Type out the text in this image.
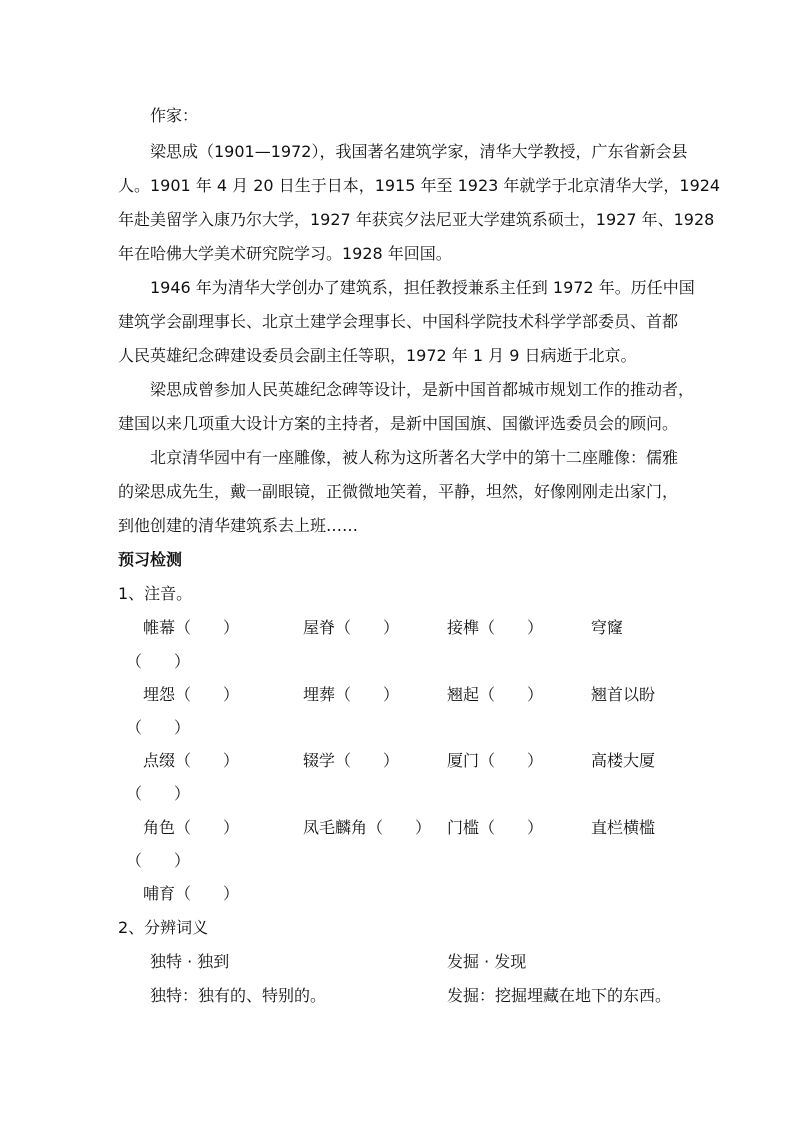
作家：
梁思成（1901—1972），我国著名建筑学家，清华大学教授，广东省新会县
人。1901 年 4 月 20 日生于日本，1915 年至 1923 年就学于北京清华大学，1924
年赴美留学入康乃尔大学，1927 年获宾夕法尼亚大学建筑系硕士，1927 年、1928
年在哈佛大学美术研究院学习。1928 年回国。
1946 年为清华大学创办了建筑系，担任教授兼系主任到 1972 年。历任中国
建筑学会副理事长、北京土建学会理事长、中国科学院技术科学学部委员、首都
人民英雄纪念碑建设委员会副主任等职，1972 年 1 月 9 日病逝于北京。
梁思成曾参加人民英雄纪念碑等设计，是新中国首都城市规划工作的推动者，
建国以来几项重大设计方案的主持者，是新中国国旗、国徽评选委员会的顾问。
北京清华园中有一座雕像，被人称为这所著名大学中的第十二座雕像：儒雅
的梁思成先生，戴一副眼镜，正微微地笑着，平静，坦然，好像刚刚走出家门，
到他创建的清华建筑系去上班……
预习检测
1、注音。
帷幕（　　）	屋脊（　　）	接榫（　　）	穹窿
（　　）
埋怨（　　）	埋葬（　　）	翘起（　　）	翘首以盼
（　　）
点缀（　　）	辍学（　　）	厦门（　　）	高楼大厦
（　　）
角色（　　）	凤毛麟角（　　） 门槛（　　）	直栏横槛
（　　）
哺育（　　）
2、分辨词义
独特 · 独到	发掘 · 发现
独特：独有的、特别的。	发掘：挖掘埋藏在地下的东西。
